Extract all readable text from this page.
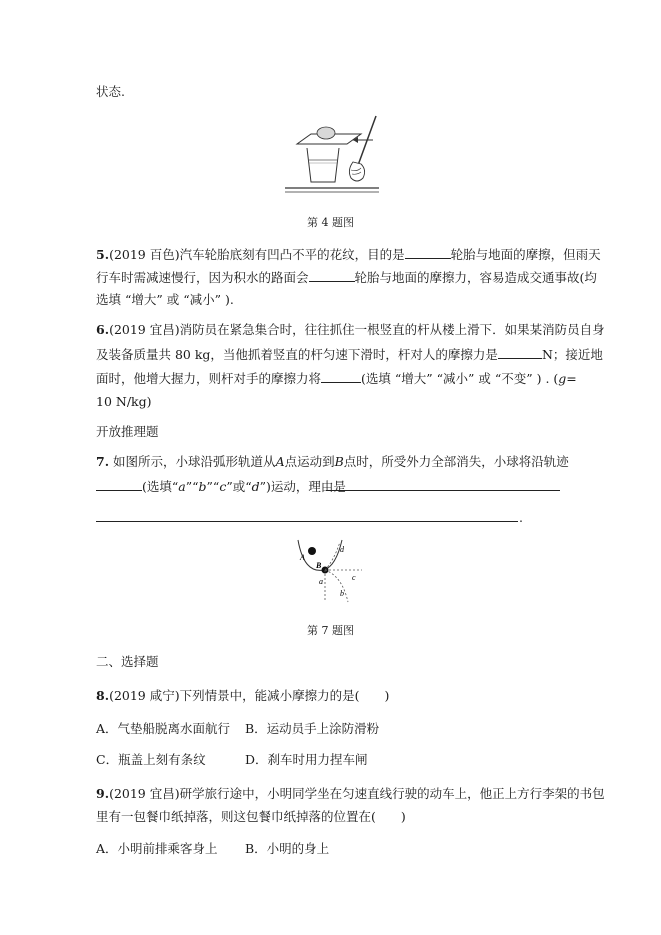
状态.
第 4 题图
5.(2019 百色)汽车轮胎底刻有凹凸不平的花纹，目的是	轮胎与地面的摩擦，但雨天
行车时需减速慢行，因为积水的路面会	轮胎与地面的摩擦力，容易造成交通事故(均
选填 “增大” 或 “减小” ).
6.(2019 宜昌)消防员在紧急集合时，往往抓住一根竖直的杆从楼上滑下．如果某消防员自身
及装备质量共 80 kg，当他抓着竖直的杆匀速下滑时，杆对人的摩擦力是	N；接近地
面时，他增大握力，则杆对手的摩擦力将	(选填 “增大” “减小” 或 “不变” ) . (g=
10 N/kg)
开放推理题
7. 如图所示，小球沿弧形轨道从A点运动到B点时，所受外力全部消失，小球将沿轨迹
(选填“a”“b”“c”或“d”)运动，理由是
.
A
B
a
b
c
d
第 7 题图
二、选择题
8.(2019 咸宁)下列情景中，能减小摩擦力的是(　　)
A．气垫船脱离水面航行 B．运动员手上涂防滑粉
C．瓶盖上刻有条纹	D．刹车时用力捏车闸
9.(2019 宜昌)研学旅行途中，小明同学坐在匀速直线行驶的动车上，他正上方行李架的书包
里有一包餐巾纸掉落，则这包餐巾纸掉落的位置在(　　)
A．小明前排乘客身上 B．小明的身上
